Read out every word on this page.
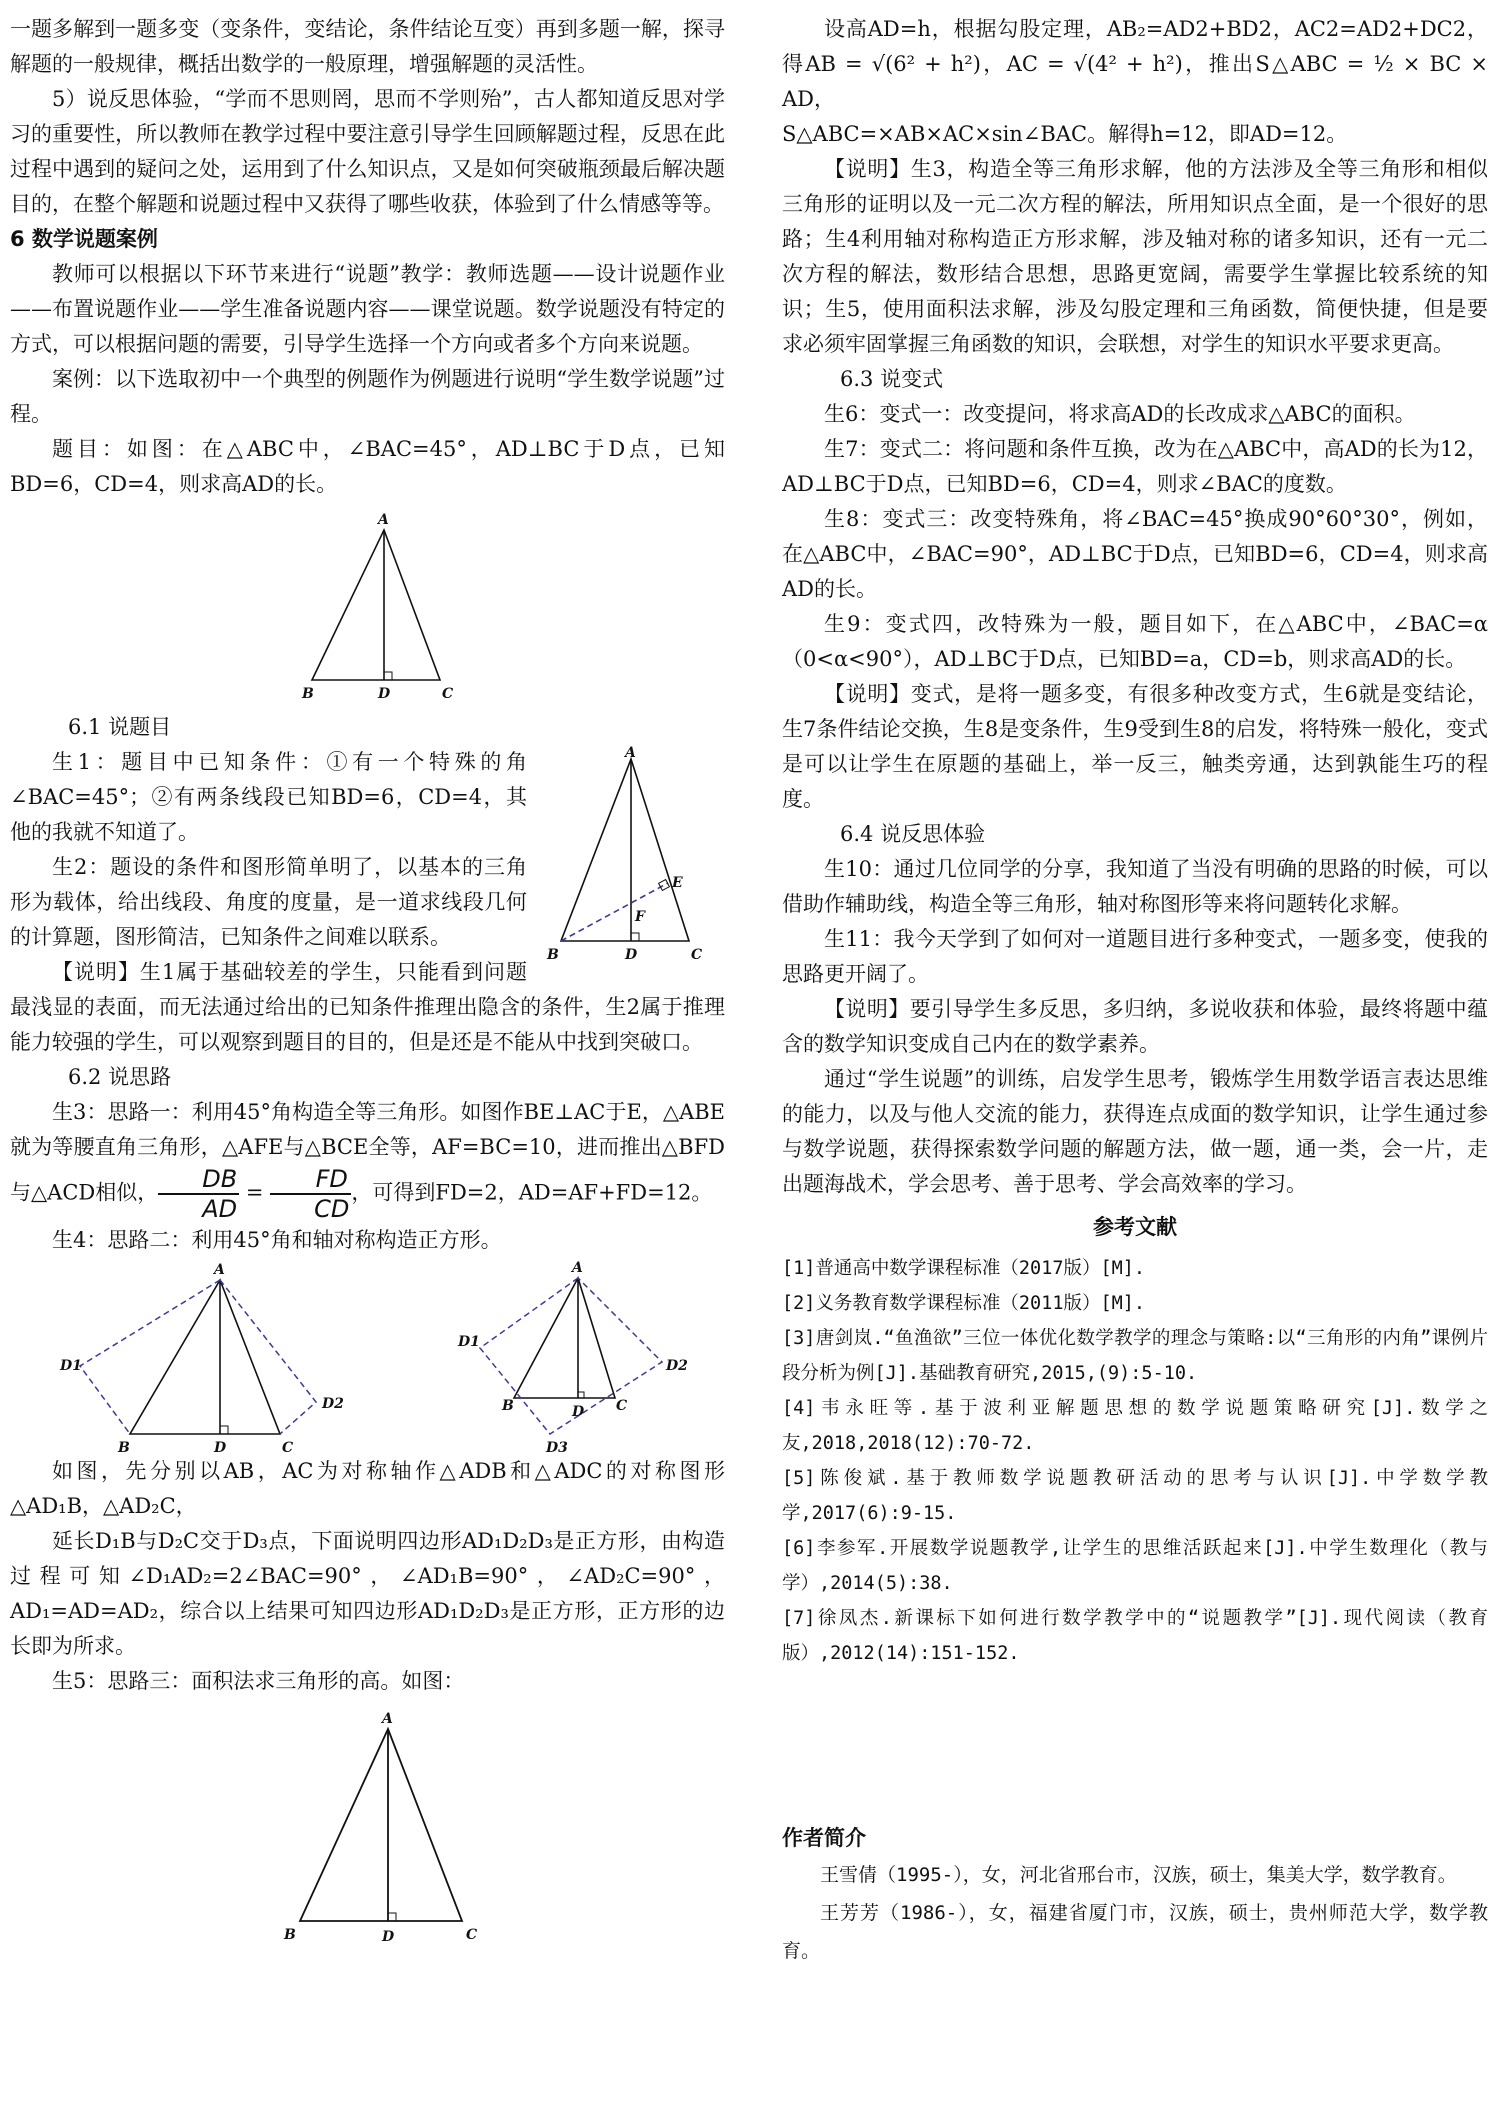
一题多解到一题多变（变条件，变结论，条件结论互变）再到多题一解，探寻解题的一般规律，概括出数学的一般原理，增强解题的灵活性。

5）说反思体验，“学而不思则罔，思而不学则殆”，古人都知道反思对学习的重要性，所以教师在教学过程中要注意引导学生回顾解题过程，反思在此过程中遇到的疑问之处，运用到了什么知识点，又是如何突破瓶颈最后解决题目的，在整个解题和说题过程中又获得了哪些收获，体验到了什么情感等等。

6 数学说题案例

教师可以根据以下环节来进行“说题”教学：教师选题——设计说题作业——布置说题作业——学生准备说题内容——课堂说题。数学说题没有特定的方式，可以根据问题的需要，引导学生选择一个方向或者多个方向来说题。

案例：以下选取初中一个典型的例题作为例题进行说明“学生数学说题”过程。

题目：如图：在△ABC中，∠BAC=45°，AD⊥BC于D点，已知BD=6，CD=4，则求高AD的长。

A
B	C
D

6.1 说题目

A
B	C
D
E
F

生1：题目中已知条件：①有一个特殊的角∠BAC=45°；②有两条线段已知BD=6，CD=4，其他的我就不知道了。

生2：题设的条件和图形简单明了，以基本的三角形为载体，给出线段、角度的度量，是一道求线段几何的计算题，图形简洁，已知条件之间难以联系。

【说明】生1属于基础较差的学生，只能看到问题最浅显的表面，而无法通过给出的已知条件推理出隐含的条件，生2属于推理能力较强的学生，可以观察到题目的目的，但是还是不能从中找到突破口。

6.2 说思路

生3：思路一：利用45°角构造全等三角形。如图作BE⊥AC于E，△ABE就为等腰直角三角形，△AFE与△BCE全等，AF=BC=10，进而推出△BFD与△ACD相似， $\frac{DB}{AD} = \frac{FD}{CD}$ ，可得到FD=2，AD=AF+FD=12。

生4：思路二：利用45°角和轴对称构造正方形。

A
B	C
D
D1
D2
A
B	C
D
D1
D2
D3

如图，先分别以AB，AC为对称轴作△ADB和△ADC的对称图形△AD₁B，△AD₂C，

延长D₁B与D₂C交于D₃点，下面说明四边形AD₁D₂D₃是正方形，由构造过程可知∠D₁AD₂=2∠BAC=90°，∠AD₁B=90°，∠AD₂C=90°，AD₁=AD=AD₂，综合以上结果可知四边形AD₁D₂D₃是正方形，正方形的边长即为所求。

生5：思路三：面积法求三角形的高。如图：

A
B	C
D

设高AD=h，根据勾股定理，AB₂=AD2+BD2，AC2=AD2+DC2，得AB = √(6² + h²)，AC = √(4² + h²)，推出S△ABC = ½ × BC × AD，

S△ABC=×AB×AC×sin∠BAC。解得h=12，即AD=12。

【说明】生3，构造全等三角形求解，他的方法涉及全等三角形和相似三角形的证明以及一元二次方程的解法，所用知识点全面，是一个很好的思路；生4利用轴对称构造正方形求解，涉及轴对称的诸多知识，还有一元二次方程的解法，数形结合思想，思路更宽阔，需要学生掌握比较系统的知识；生5，使用面积法求解，涉及勾股定理和三角函数，简便快捷，但是要求必须牢固掌握三角函数的知识，会联想，对学生的知识水平要求更高。

6.3 说变式

生6：变式一：改变提问，将求高AD的长改成求△ABC的面积。

生7：变式二：将问题和条件互换，改为在△ABC中，高AD的长为12，AD⊥BC于D点，已知BD=6，CD=4，则求∠BAC的度数。

生8：变式三：改变特殊角，将∠BAC=45°换成90°60°30°，例如，在△ABC中，∠BAC=90°，AD⊥BC于D点，已知BD=6，CD=4，则求高AD的长。

生9：变式四，改特殊为一般，题目如下，在△ABC中，∠BAC=α（0<α<90°），AD⊥BC于D点，已知BD=a，CD=b，则求高AD的长。

【说明】变式，是将一题多变，有很多种改变方式，生6就是变结论，生7条件结论交换，生8是变条件，生9受到生8的启发，将特殊一般化，变式是可以让学生在原题的基础上，举一反三，触类旁通，达到孰能生巧的程度。

6.4 说反思体验

生10：通过几位同学的分享，我知道了当没有明确的思路的时候，可以借助作辅助线，构造全等三角形，轴对称图形等来将问题转化求解。

生11：我今天学到了如何对一道题目进行多种变式，一题多变，使我的思路更开阔了。

【说明】要引导学生多反思，多归纳，多说收获和体验，最终将题中蕴含的数学知识变成自己内在的数学素养。

通过“学生说题”的训练，启发学生思考，锻炼学生用数学语言表达思维的能力，以及与他人交流的能力，获得连点成面的数学知识，让学生通过参与数学说题，获得探索数学问题的解题方法，做一题，通一类，会一片，走出题海战术，学会思考、善于思考、学会高效率的学习。

参考文献

[1]普通高中数学课程标准（2017版）[M].

[2]义务教育数学课程标准（2011版）[M].

[3]唐剑岚.“鱼渔欲”三位一体优化数学教学的理念与策略:以“三角形的内角”课例片段分析为例[J].基础教育研究,2015,(9):5-10.

[4]韦永旺等.基于波利亚解题思想的数学说题策略研究[J].数学之友,2018,2018(12):70-72.

[5]陈俊斌.基于教师数学说题教研活动的思考与认识[J].中学数学教学,2017(6):9-15.

[6]李参军.开展数学说题教学,让学生的思维活跃起来[J].中学生数理化（教与学）,2014(5):38.

[7]徐凤杰.新课标下如何进行数学教学中的“说题教学”[J].现代阅读（教育版）,2012(14):151-152.

作者简介

王雪倩（1995-），女，河北省邢台市，汉族，硕士，集美大学，数学教育。

王芳芳（1986-），女，福建省厦门市，汉族，硕士，贵州师范大学，数学教育。
